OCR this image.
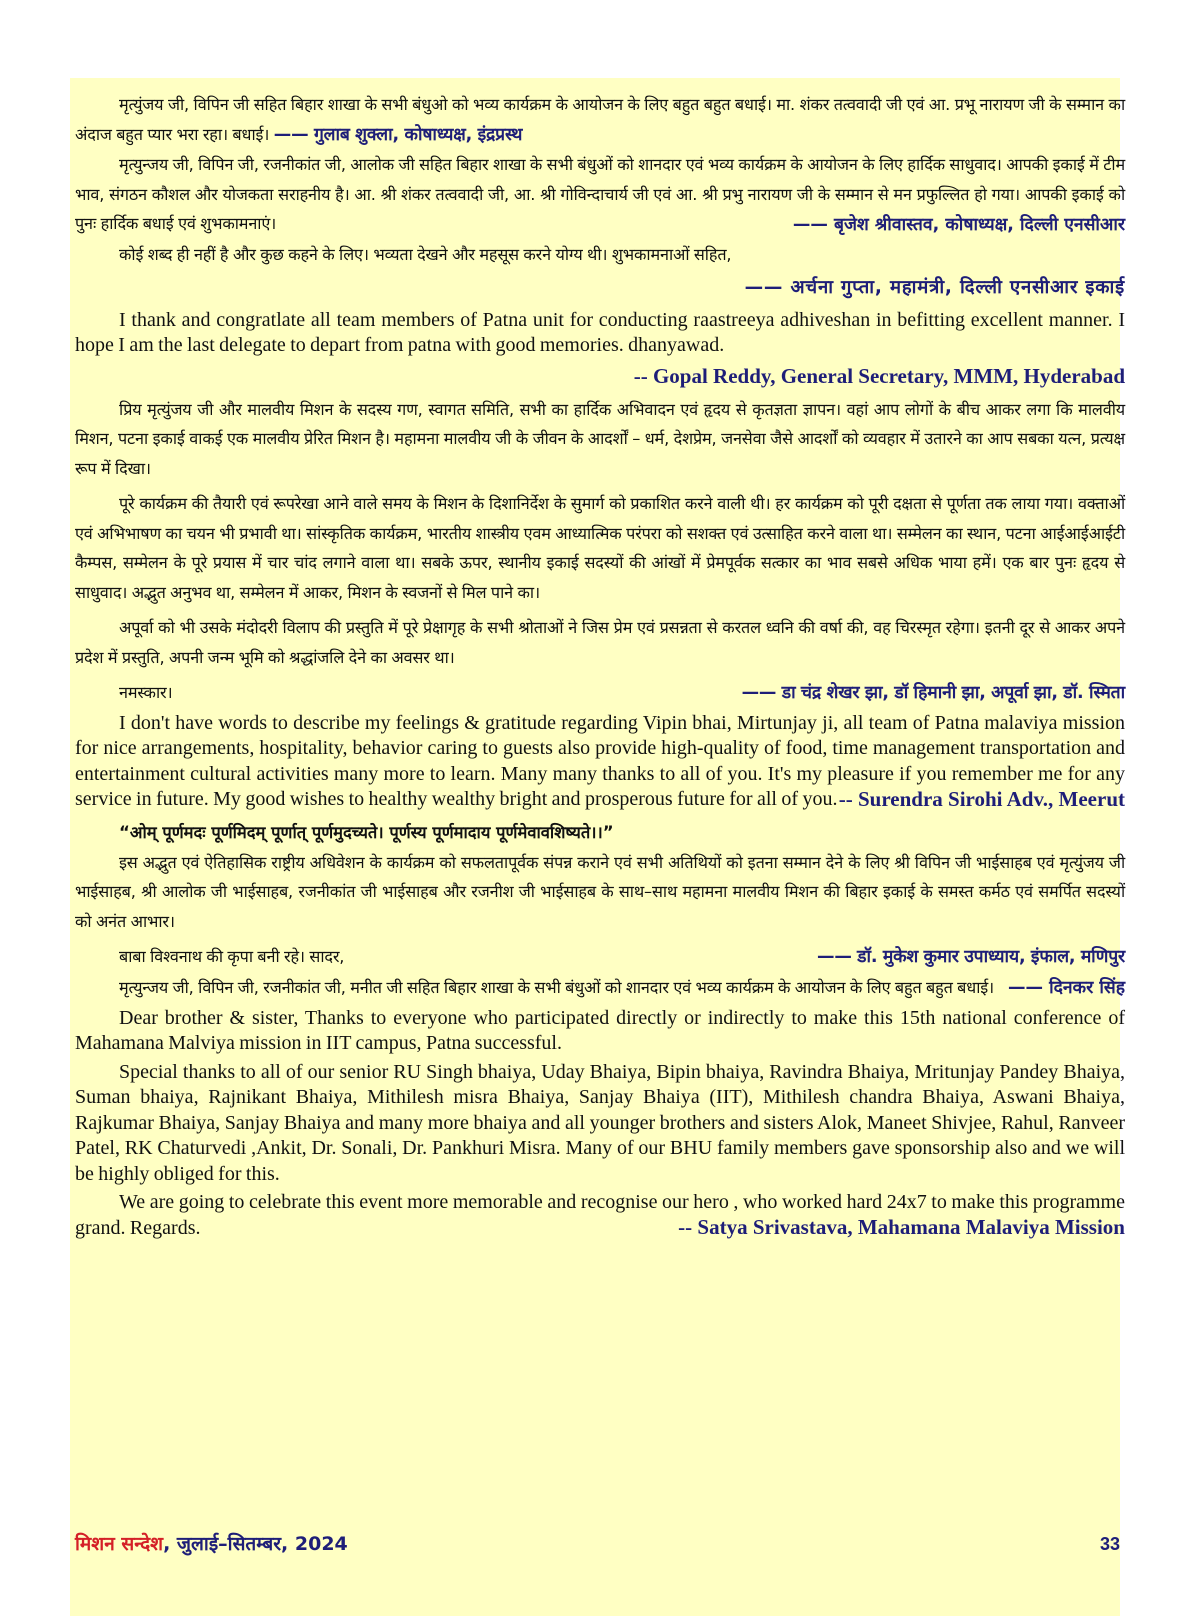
मृत्युंजय जी, विपिन जी सहित बिहार शाखा के सभी बंधुओ को भव्य कार्यक्रम के आयोजन के लिए बहुत बहुत बधाई। मा. शंकर तत्ववादी जी एवं आ. प्रभू नारायण जी के सम्मान का अंदाज बहुत प्यार भरा रहा। बधाई। —— गुलाब शुक्ला, कोषाध्यक्ष, इंद्रप्रस्थ

मृत्युन्जय जी, विपिन जी, रजनीकांत जी, आलोक जी सहित बिहार शाखा के सभी बंधुओं को शानदार एवं भव्य कार्यक्रम के आयोजन के लिए हार्दिक साधुवाद। आपकी इकाई में टीम भाव, संगठन कौशल और योजकता सराहनीय है। आ. श्री शंकर तत्ववादी जी, आ. श्री गोविन्दाचार्य जी एवं आ. श्री प्रभु नारायण जी के सम्मान से मन प्रफुल्लित हो गया। आपकी इकाई को पुनः हार्दिक बधाई एवं शुभकामनाएं।	—— बृजेश श्रीवास्तव, कोषाध्यक्ष, दिल्ली एनसीआर

कोई शब्द ही नहीं है और कुछ कहने के लिए। भव्यता देखने और महसूस करने योग्य थी। शुभकामनाओं सहित,

—— अर्चना गुप्ता, महामंत्री, दिल्ली एनसीआर इकाई

I thank and congratlate all team members of Patna unit for conducting raastreeya adhiveshan in befitting excellent manner. I hope I am the last delegate to depart from patna with good memories. dhanyawad.

-- Gopal Reddy, General Secretary, MMM, Hyderabad

प्रिय मृत्युंजय जी और मालवीय मिशन के सदस्य गण, स्वागत समिति, सभी का हार्दिक अभिवादन एवं हृदय से कृतज्ञता ज्ञापन। वहां आप लोगों के बीच आकर लगा कि मालवीय मिशन, पटना इकाई वाकई एक मालवीय प्रेरित मिशन है। महामना मालवीय जी के जीवन के आदर्शों – धर्म, देशप्रेम, जनसेवा जैसे आदर्शों को व्यवहार में उतारने का आप सबका यत्न, प्रत्यक्ष रूप में दिखा।

पूरे कार्यक्रम की तैयारी एवं रूपरेखा आने वाले समय के मिशन के दिशानिर्देश के सुमार्ग को प्रकाशित करने वाली थी। हर कार्यक्रम को पूरी दक्षता से पूर्णता तक लाया गया। वक्ताओं एवं अभिभाषण का चयन भी प्रभावी था। सांस्कृतिक कार्यक्रम, भारतीय शास्त्रीय एवम आध्यात्मिक परंपरा को सशक्त एवं उत्साहित करने वाला था। सम्मेलन का स्थान, पटना आईआईआईटी कैम्पस, सम्मेलन के पूरे प्रयास में चार चांद लगाने वाला था। सबके ऊपर, स्थानीय इकाई सदस्यों की आंखों में प्रेमपूर्वक सत्कार का भाव सबसे अधिक भाया हमें। एक बार पुनः हृदय से साधुवाद। अद्भुत अनुभव था, सम्मेलन में आकर, मिशन के स्वजनों से मिल पाने का।

अपूर्वा को भी उसके मंदोदरी विलाप की प्रस्तुति में पूरे प्रेक्षागृह के सभी श्रोताओं ने जिस प्रेम एवं प्रसन्नता से करतल ध्वनि की वर्षा की, वह चिरस्मृत रहेगा। इतनी दूर से आकर अपने प्रदेश में प्रस्तुति, अपनी जन्म भूमि को श्रद्धांजलि देने का अवसर था।

नमस्कार।	—— डा चंद्र शेखर झा, डॉ हिमानी झा, अपूर्वा झा, डॉ. स्मिता

I don't have words to describe my feelings & gratitude regarding Vipin bhai, Mirtunjay ji, all team of Patna malaviya mission for nice arrangements, hospitality, behavior caring to guests also provide high-quality of food, time management transportation and entertainment cultural activities many more to learn. Many many thanks to all of you. It's my pleasure if you remember me for any service in future. My good wishes to healthy wealthy bright and prosperous future for all of you. -- Surendra Sirohi Adv., Meerut

“ओम् पूर्णमदः पूर्णमिदम् पूर्णात् पूर्णमुदच्यते। पूर्णस्य पूर्णमादाय पूर्णमेवावशिष्यते।।”

इस अद्भुत एवं ऐतिहासिक राष्ट्रीय अधिवेशन के कार्यक्रम को सफलतापूर्वक संपन्न कराने एवं सभी अतिथियों को इतना सम्मान देने के लिए श्री विपिन जी भाईसाहब एवं मृत्युंजय जी भाईसाहब, श्री आलोक जी भाईसाहब, रजनीकांत जी भाईसाहब और रजनीश जी भाईसाहब के साथ–साथ महामना मालवीय मिशन की बिहार इकाई के समस्त कर्मठ एवं समर्पित सदस्यों को अनंत आभार।

बाबा विश्वनाथ की कृपा बनी रहे। सादर,	—— डॉ. मुकेश कुमार उपाध्याय, इंफाल, मणिपुर

मृत्युन्जय जी, विपिन जी, रजनीकांत जी, मनीत जी सहित बिहार शाखा के सभी बंधुओं को शानदार एवं भव्य कार्यक्रम के आयोजन के लिए बहुत बहुत बधाई। —— दिनकर सिंह

Dear brother & sister, Thanks to everyone who participated directly or indirectly to make this 15th national conference of Mahamana Malviya mission in IIT campus, Patna successful.

Special thanks to all of our senior RU Singh bhaiya, Uday Bhaiya, Bipin bhaiya, Ravindra Bhaiya, Mritunjay Pandey Bhaiya, Suman bhaiya, Rajnikant Bhaiya, Mithilesh misra Bhaiya, Sanjay Bhaiya (IIT), Mithilesh chandra Bhaiya, Aswani Bhaiya, Rajkumar Bhaiya, Sanjay Bhaiya and many more bhaiya and all younger brothers and sisters Alok, Maneet Shivjee, Rahul, Ranveer Patel, RK Chaturvedi ,Ankit, Dr. Sonali, Dr. Pankhuri Misra. Many of our BHU family members gave sponsorship also and we will be highly obliged for this.

We are going to celebrate this event more memorable and recognise our hero , who worked hard 24x7 to make this programme grand. Regards.	-- Satya Srivastava, Mahamana Malaviya Mission

मिशन सन्देश, जुलाई–सितम्बर, 2024	33
